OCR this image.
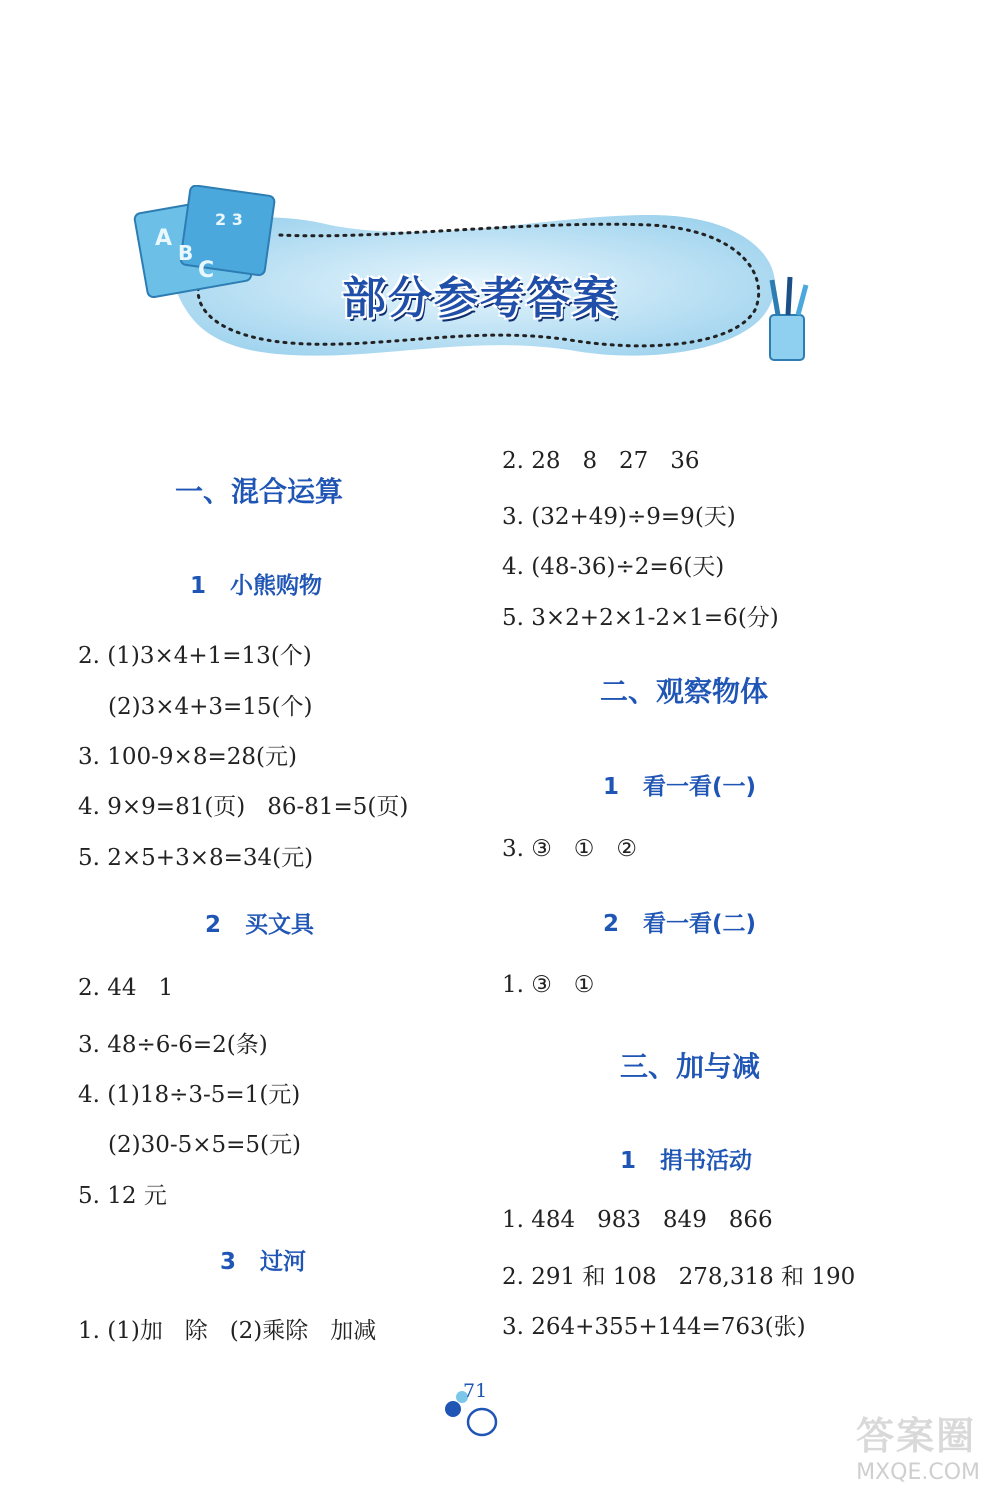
A
B
C
2 3
部分参考答案
一、混合运算
1   小熊购物
2. (1)3×4+1=13(个)
(2)3×4+3=15(个)
3. 100-9×8=28(元)
4. 9×9=81(页)   86-81=5(页)
5. 2×5+3×8=34(元)
2   买文具
2. 44   1
3. 48÷6-6=2(条)
4. (1)18÷3-5=1(元)
(2)30-5×5=5(元)
5. 12 元
3   过河
1. (1)加   除   (2)乘除   加减
2. 28   8   27   36
3. (32+49)÷9=9(天)
4. (48-36)÷2=6(天)
5. 3×2+2×1-2×1=6(分)
二、观察物体
1   看一看(一)
3. ③   ①   ②
2   看一看(二)
1. ③   ①
三、加与减
1   捐书活动
1. 484   983   849   866
2. 291 和 108   278,318 和 190
3. 264+355+144=763(张)
71
答案圈
MXQE.COM
